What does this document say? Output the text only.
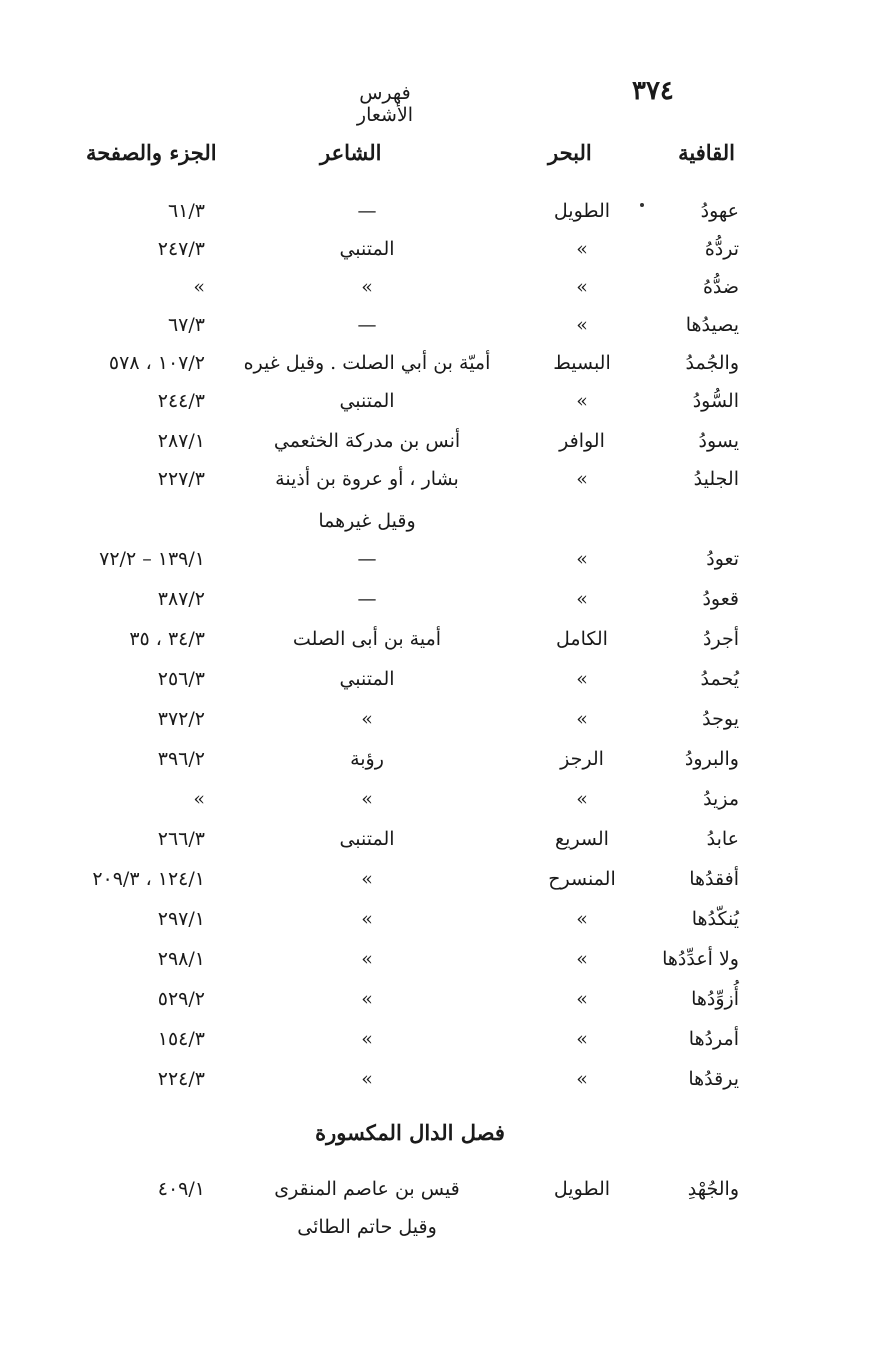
٣٧٤
فهرس الأشعار
القافية
البحر
الشاعر
الجزء والصفحة
عهودُ
الطويل
—
٦١/٣
تردُّهُ
»
المتنبي
٢٤٧/٣
ضدُّهُ
»
»
»
يصيدُها
»
—
٦٧/٣
والجُمدُ
البسيط
أميّة بن أبي الصلت . وقيل غيره
١٠٧/٢ ، ٥٧٨
السُّودُ
»
المتنبي
٢٤٤/٣
يسودُ
الوافر
أنس بن مدركة الخثعمي
٢٨٧/١
الجليدُ
»
بشار ، أو عروة بن أذينة
٢٢٧/٣
وقيل غيرهما
تعودُ
»
—
١٣٩/١ – ٧٢/٢
قعودُ
»
—
٣٨٧/٢
أجردُ
الكامل
أمية بن أبى الصلت
٣٤/٣ ، ٣٥
يُحمدُ
»
المتنبي
٢٥٦/٣
يوجدُ
»
»
٣٧٢/٢
والبرودُ
الرجز
رؤبة
٣٩٦/٢
مزيدُ
»
»
»
عابدُ
السريع
المتنبى
٢٦٦/٣
أفقدُها
المنسرح
»
١٢٤/١ ، ٢٠٩/٣
يُنكّدُها
»
»
٢٩٧/١
ولا أعدِّدُها
»
»
٢٩٨/١
أُزوِّدُها
»
»
٥٢٩/٢
أمردُها
»
»
١٥٤/٣
يرقدُها
»
»
٢٢٤/٣
فصل الدال المكسورة
والجُهْدِ
الطويل
قيس بن عاصم المنقرى
٤٠٩/١
وقيل حاتم الطائى
